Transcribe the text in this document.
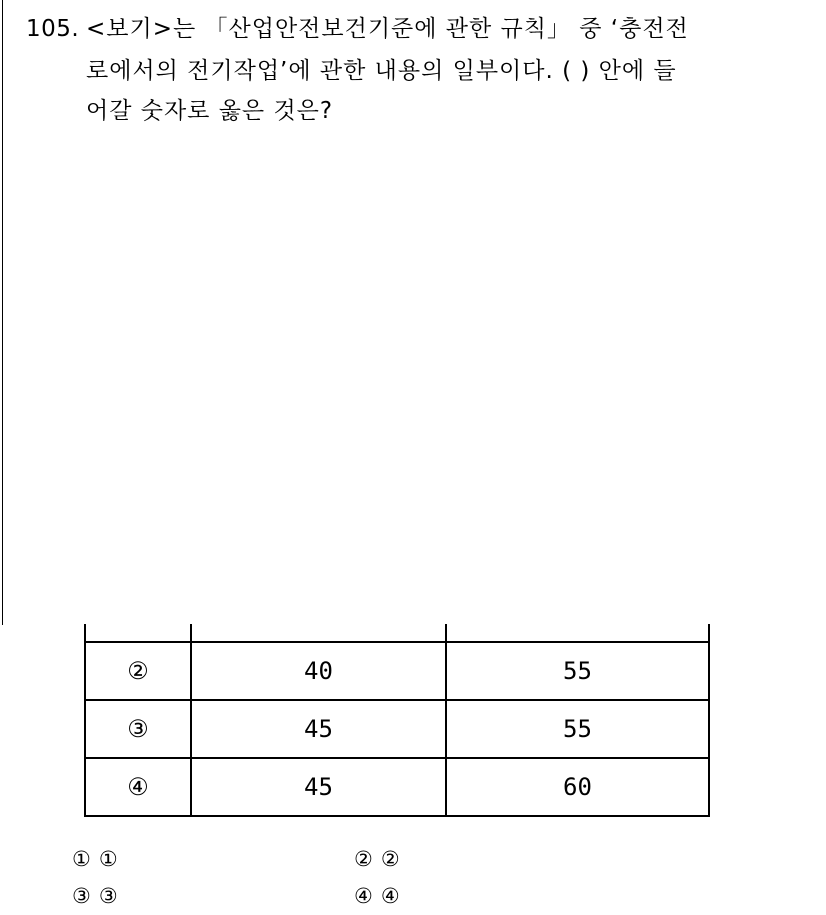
105. <보기>는 「산업안전보건기준에 관한 규칙」 중 ‘충전전
로에서의 전기작업’에 관한 내용의 일부이다. ( ) 안에 들
어갈 숫자로 옳은 것은?

②	40	55
③	45	55
④	45	60
① ①	② ②
③ ③	④ ④
